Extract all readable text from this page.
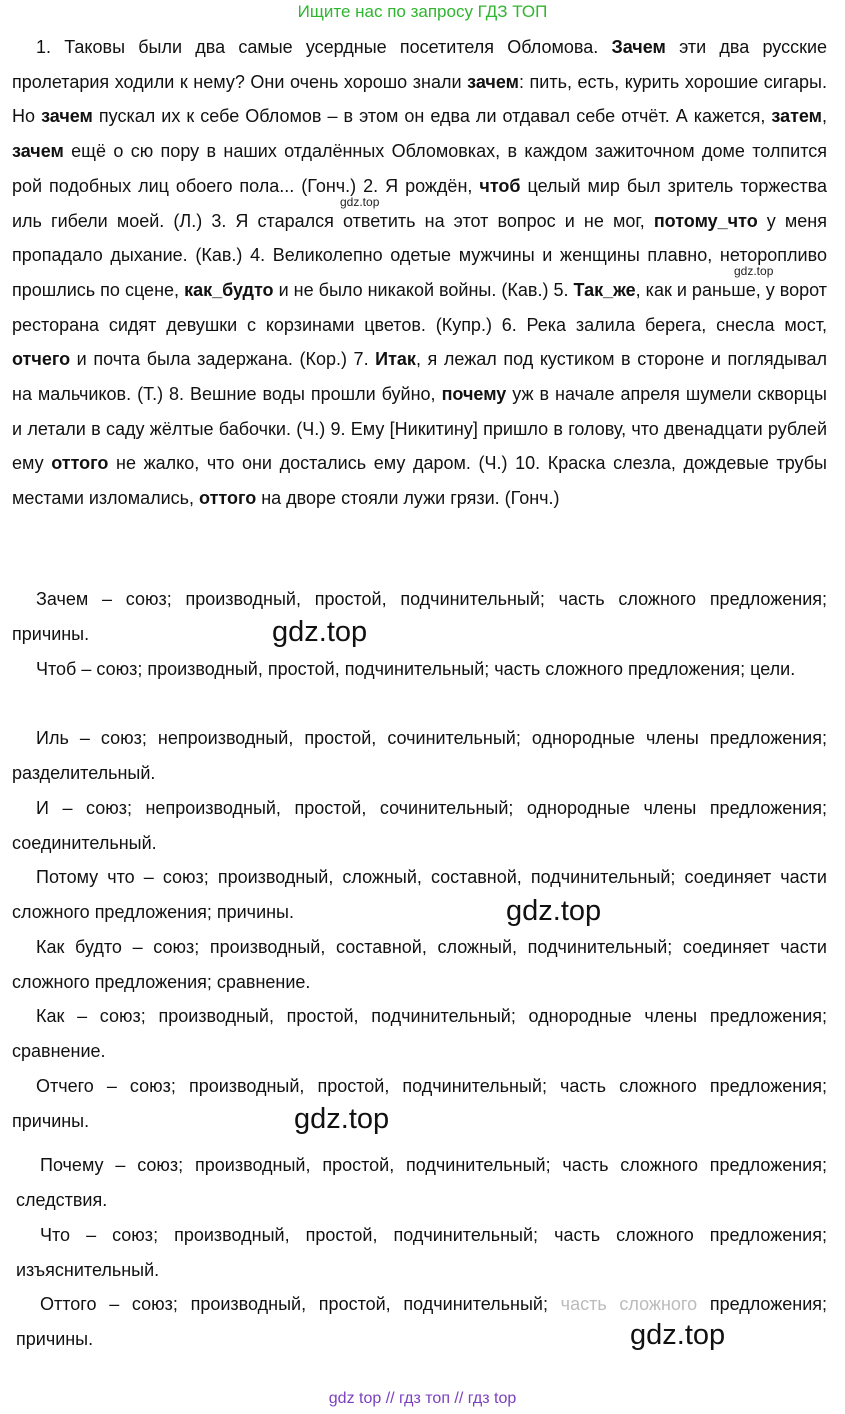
Ищите нас по запросу ГДЗ ТОП

1. Таковы были два самые усердные посетителя Обломова. Зачем эти два русские пролетария ходили к нему? Они очень хорошо знали зачем: пить, есть, курить хорошие сигары. Но зачем пускал их к себе Обломов – в этом он едва ли отдавал себе отчёт. А кажется, затем, зачем ещё о сю пору в наших отдалённых Обломовках, в каждом зажиточном доме толпится рой подобных лиц обоего пола... (Гонч.) 2. Я рождён, чтоб целый мир был зритель торжества иль гибели моей. (Л.) 3. Я старался ответить на этот вопрос и не мог, потому_что у меня пропадало дыхание. (Кав.) 4. Великолепно одетые мужчины и женщины плавно, неторопливо прошлись по сцене, как_будто и не было никакой войны. (Кав.) 5. Так_же, как и раньше, у ворот ресторана сидят девушки с корзинами цветов. (Купр.) 6. Река залила берега, снесла мост, отчего и почта была задержана. (Кор.) 7. Итак, я лежал под кустиком в стороне и поглядывал на мальчиков. (Т.) 8. Вешние воды прошли буйно, почему уж в начале апреля шумели скворцы и летали в саду жёлтые бабочки. (Ч.) 9. Ему [Никитину] пришло в голову, что двенадцати рублей ему оттого не жалко, что они достались ему даром. (Ч.) 10. Краска слезла, дождевые трубы местами изломались, оттого на дворе стояли лужи грязи. (Гонч.)

gdz.top
gdz.top

Зачем – союз; производный, простой, подчинительный; часть сложного предложения; причины.

Чтоб – союз; производный, простой, подчинительный; часть сложного предложения; цели.

Иль – союз; непроизводный, простой, сочинительный; однородные члены предложения; разделительный.

И – союз; непроизводный, простой, сочинительный; однородные члены предложения; соединительный.

Потому что – союз; производный, сложный, составной, подчинительный; соединяет части сложного предложения; причины.

Как будто – союз; производный, составной, сложный, подчинительный; соединяет части сложного предложения; сравнение.

Как – союз; производный, простой, подчинительный; однородные члены предложения; сравнение.

Отчего – союз; производный, простой, подчинительный; часть сложного предложения; причины.

Почему – союз; производный, простой, подчинительный; часть сложного предложения; следствия.

Что – союз; производный, простой, подчинительный; часть сложного предложения; изъяснительный.

Оттого – союз; производный, простой, подчинительный; часть сложного предложения; причины.

gdz.top
gdz.top
gdz.top
gdz.top
gdz top // гдз топ // гдз top
